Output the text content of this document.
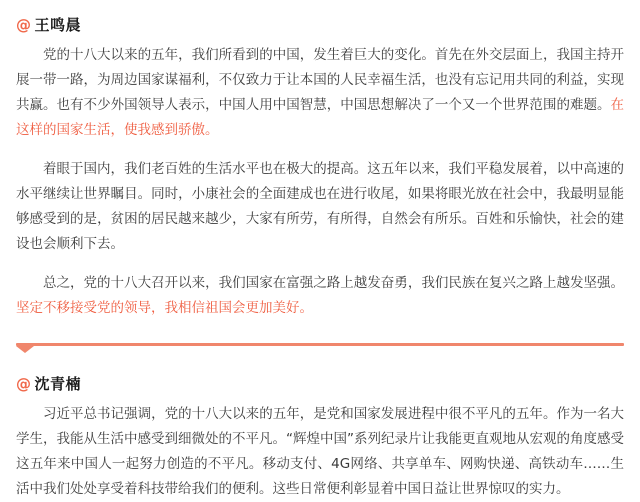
@ 王鸣晨

党的十八大以来的五年，我们所看到的中国，发生着巨大的变化。首先在外交层面上，我国主持开展一带一路，为周边国家谋福利，不仅致力于让本国的人民幸福生活，也没有忘记用共同的利益，实现共赢。也有不少外国领导人表示，中国人用中国智慧，中国思想解决了一个又一个世界范围的难题。在这样的国家生活，使我感到骄傲。

着眼于国内，我们老百姓的生活水平也在极大的提高。这五年以来，我们平稳发展着，以中高速的水平继续让世界瞩目。同时，小康社会的全面建成也在进行收尾，如果将眼光放在社会中，我最明显能够感受到的是，贫困的居民越来越少，大家有所劳，有所得，自然会有所乐。百姓和乐愉快，社会的建设也会顺利下去。

总之，党的十八大召开以来，我们国家在富强之路上越发奋勇，我们民族在复兴之路上越发坚强。坚定不移接受党的领导，我相信祖国会更加美好。

@ 沈青楠

习近平总书记强调，党的十八大以来的五年，是党和国家发展进程中很不平凡的五年。作为一名大学生，我能从生活中感受到细微处的不平凡。“辉煌中国”系列纪录片让我能更直观地从宏观的角度感受这五年来中国人一起努力创造的不平凡。移动支付、4G网络、共享单车、网购快递、高铁动车……生活中我们处处享受着科技带给我们的便利。这些日常便利彰显着中国日益让世界惊叹的实力。
